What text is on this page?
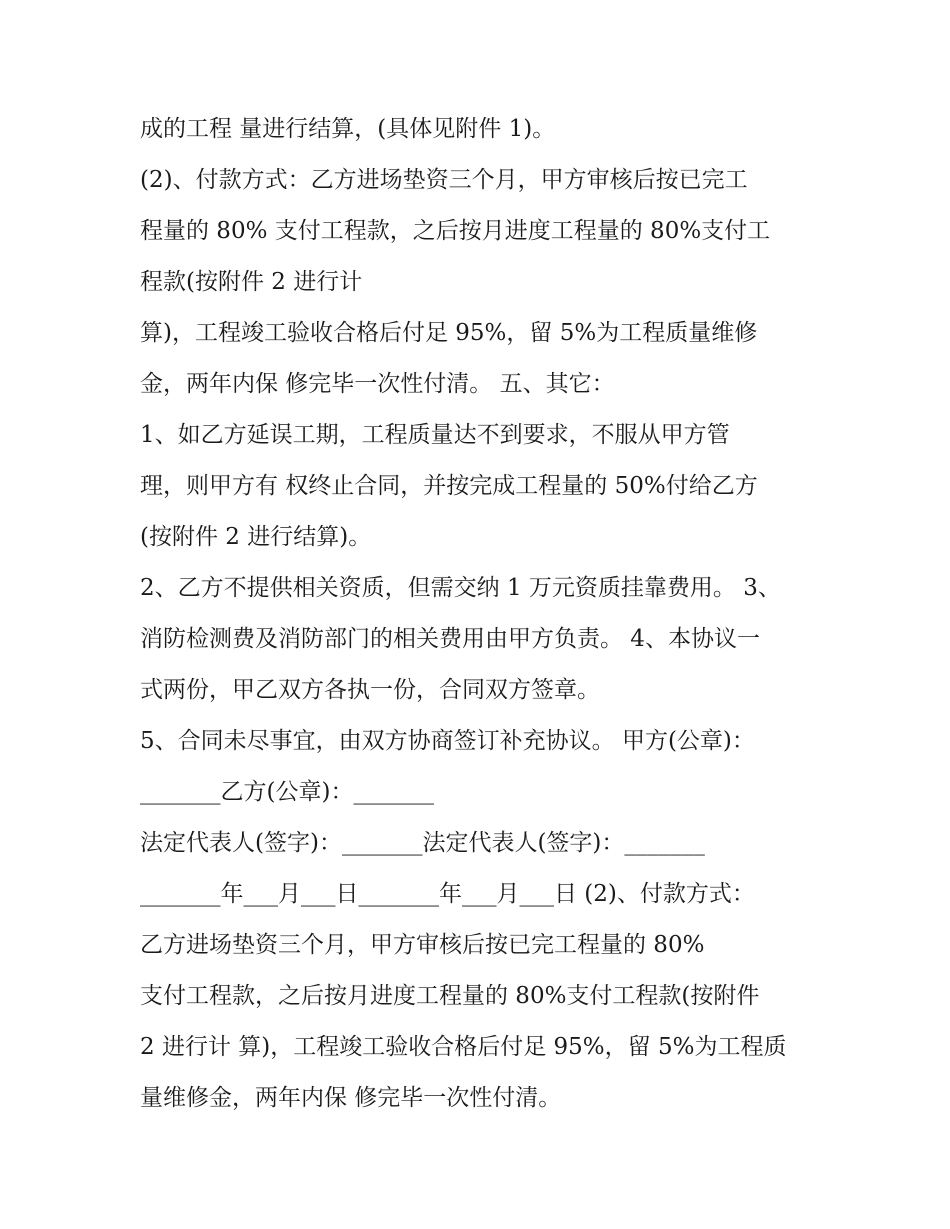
成的工程 量进行结算，(具体见附件 1)。
(2)、付款方式：乙方进场垫资三个月，甲方审核后按已完工
程量的 80% 支付工程款，之后按月进度工程量的 80%支付工
程款(按附件 2 进行计
算)，工程竣工验收合格后付足 95%，留 5%为工程质量维修
金，两年内保 修完毕一次性付清。 五、其它：
1、如乙方延误工期，工程质量达不到要求，不服从甲方管
理，则甲方有 权终止合同，并按完成工程量的 50%付给乙方
(按附件 2 进行结算)。
2、乙方不提供相关资质，但需交纳 1 万元资质挂靠费用。 3、
消防检测费及消防部门的相关费用由甲方负责。 4、本协议一
式两份，甲乙双方各执一份，合同双方签章。
5、合同未尽事宜，由双方协商签订补充协议。 甲方(公章)：
_______乙方(公章)：_______
法定代表人(签字)：_______法定代表人(签字)：_______
_______年___月___日_______年___月___日 (2)、付款方式：
乙方进场垫资三个月，甲方审核后按已完工程量的 80%
支付工程款，之后按月进度工程量的 80%支付工程款(按附件
2 进行计 算)，工程竣工验收合格后付足 95%，留 5%为工程质
量维修金，两年内保 修完毕一次性付清。
